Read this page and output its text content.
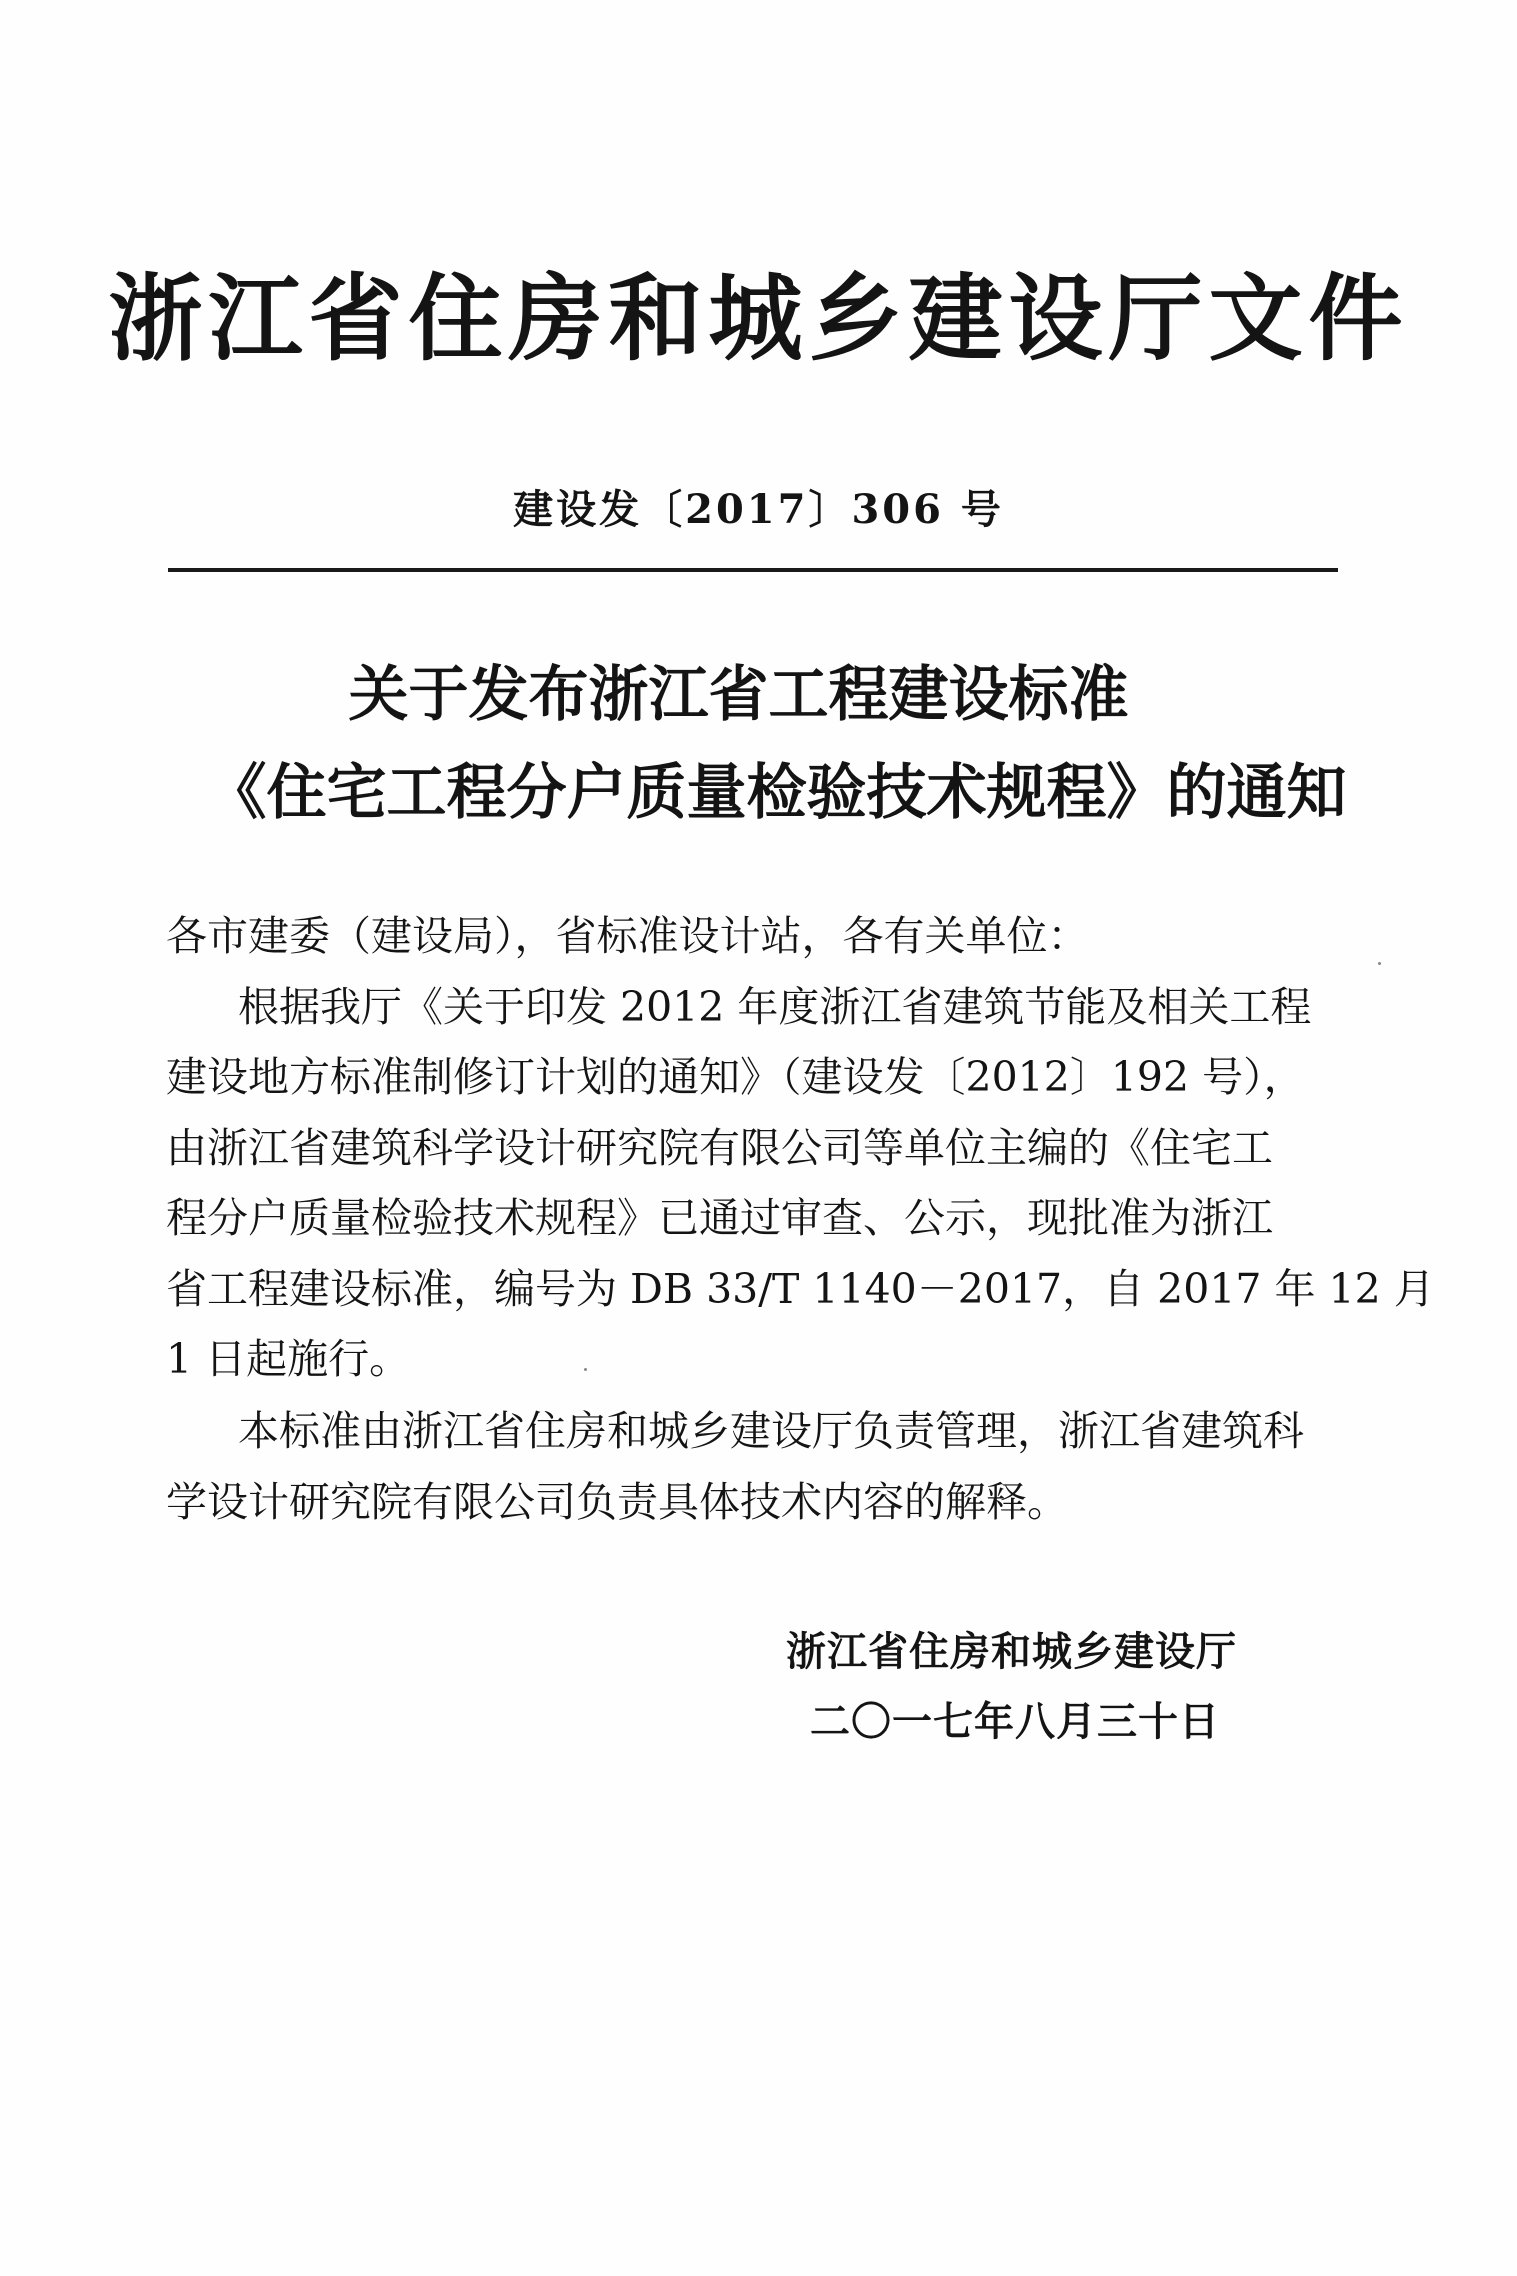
浙江省住房和城乡建设厅文件
建设发〔2017〕306 号
关于发布浙江省工程建设标准
《住宅工程分户质量检验技术规程》的通知
各市建委（建设局），省标准设计站，各有关单位：
根据我厅《关于印发 2012 年度浙江省建筑节能及相关工程
建设地方标准制修订计划的通知》（建设发〔2012〕192 号），
由浙江省建筑科学设计研究院有限公司等单位主编的《住宅工
程分户质量检验技术规程》已通过审查、公示，现批准为浙江
省工程建设标准，编号为 DB 33/T 1140－2017，自 2017 年 12 月
1 日起施行。
本标准由浙江省住房和城乡建设厅负责管理，浙江省建筑科
学设计研究院有限公司负责具体技术内容的解释。
浙江省住房和城乡建设厅
二〇一七年八月三十日
